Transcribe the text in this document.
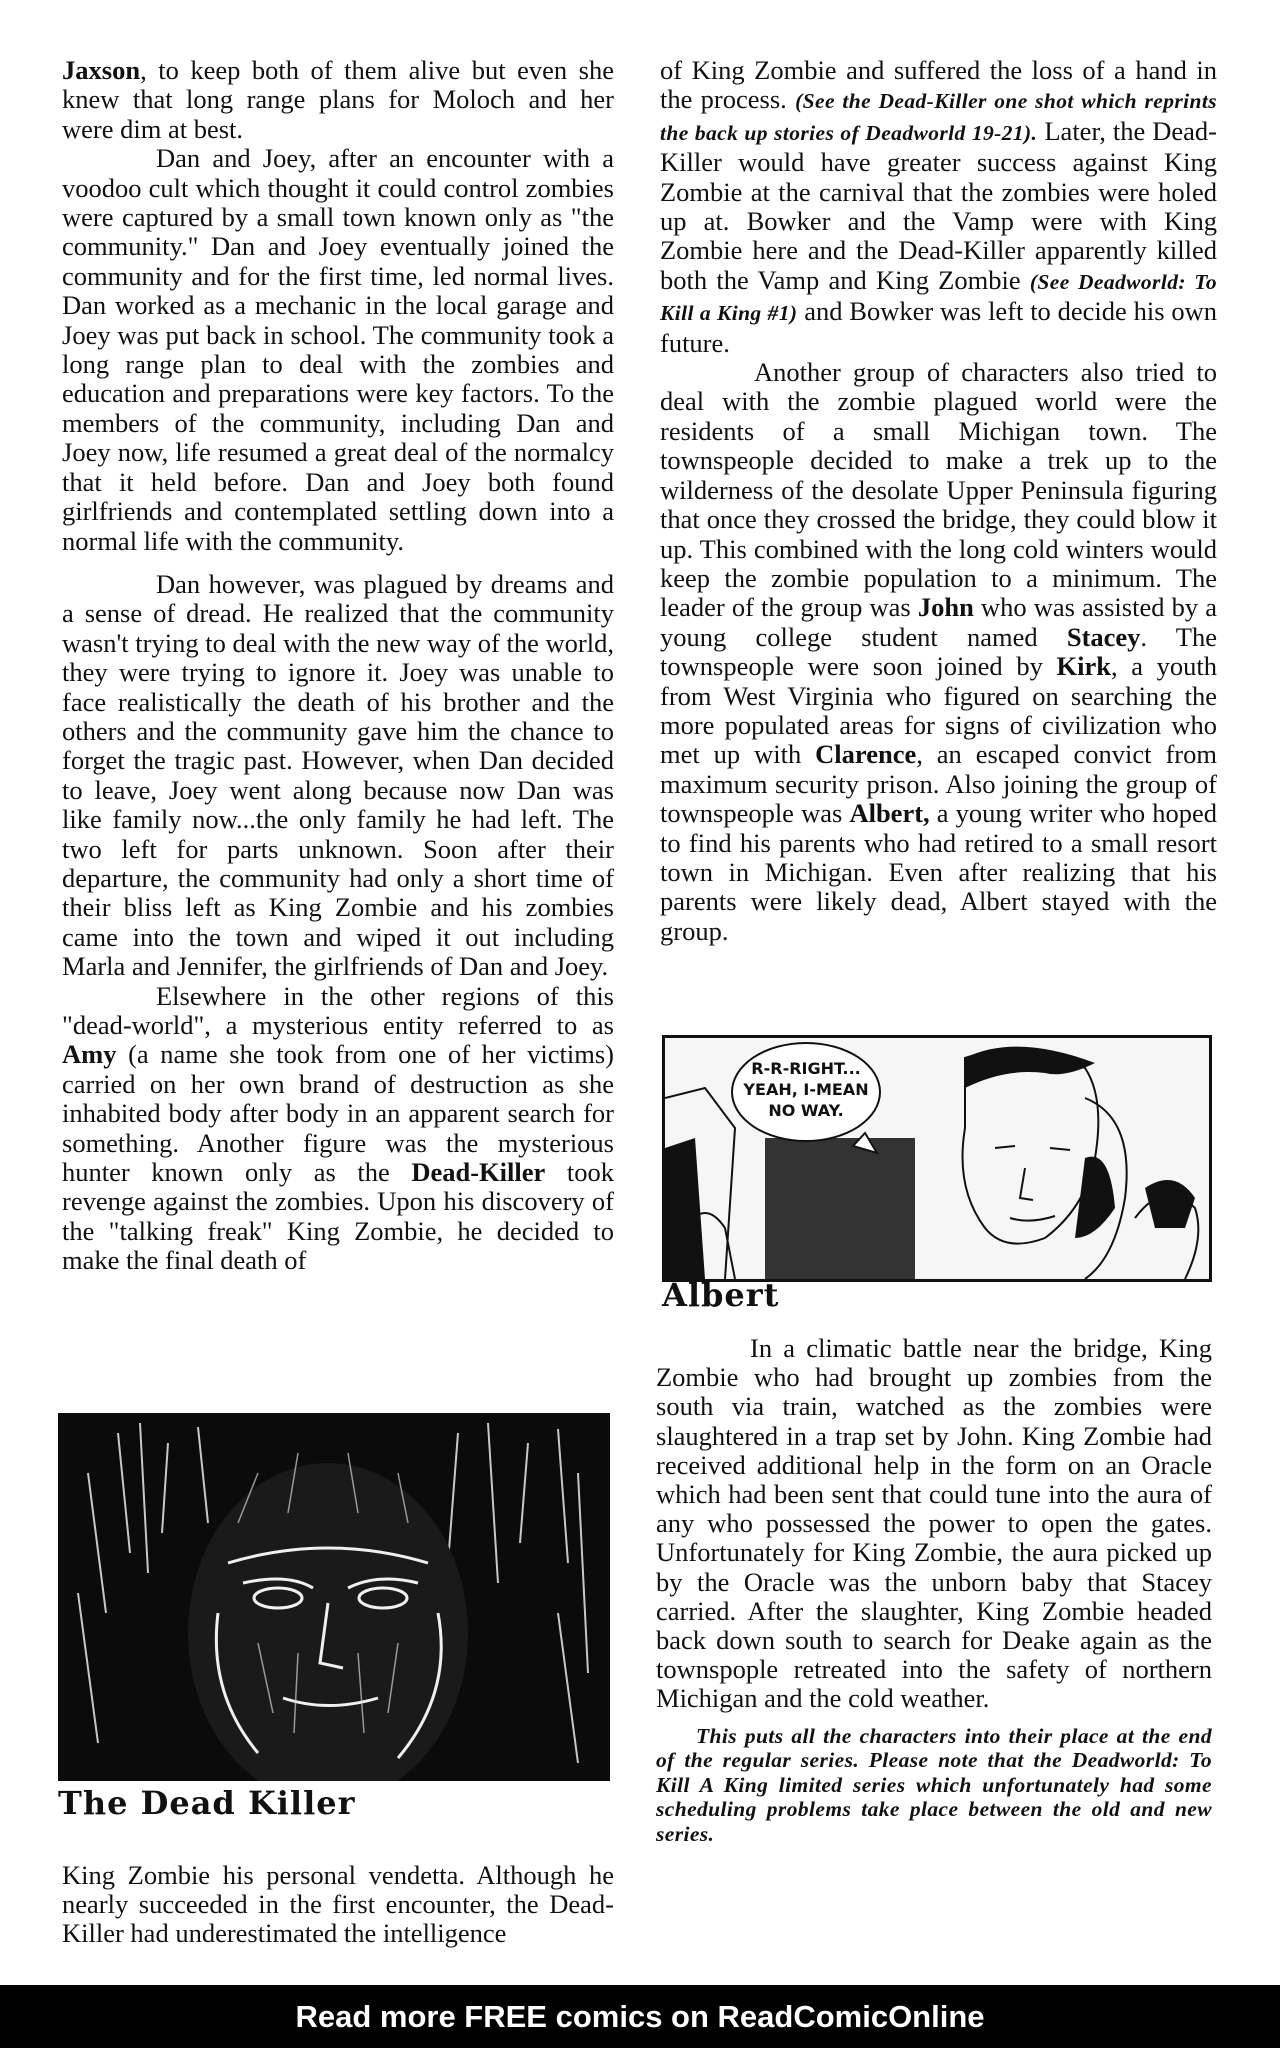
Jaxson, to keep both of them alive but even she knew that long range plans for Moloch and her were dim at best.

Dan and Joey, after an encounter with a voodoo cult which thought it could control zombies were captured by a small town known only as "the community." Dan and Joey eventually joined the community and for the first time, led normal lives. Dan worked as a mechanic in the local garage and Joey was put back in school. The community took a long range plan to deal with the zombies and education and preparations were key factors. To the members of the community, including Dan and Joey now, life resumed a great deal of the normalcy that it held before. Dan and Joey both found girlfriends and contemplated settling down into a normal life with the community.

Dan however, was plagued by dreams and a sense of dread. He realized that the community wasn't trying to deal with the new way of the world, they were trying to ignore it. Joey was unable to face realistically the death of his brother and the others and the community gave him the chance to forget the tragic past. However, when Dan decided to leave, Joey went along because now Dan was like family now...the only family he had left. The two left for parts unknown. Soon after their departure, the community had only a short time of their bliss left as King Zombie and his zombies came into the town and wiped it out including Marla and Jennifer, the girlfriends of Dan and Joey.

Elsewhere in the other regions of this "dead-world", a mysterious entity referred to as Amy (a name she took from one of her victims) carried on her own brand of destruction as she inhabited body after body in an apparent search for something. Another figure was the mysterious hunter known only as the Dead-Killer took revenge against the zombies. Upon his discovery of the "talking freak" King Zombie, he decided to make the final death of

The Dead Killer

King Zombie his personal vendetta. Although he nearly succeeded in the first encounter, the Dead-Killer had underestimated the intelligence

of King Zombie and suffered the loss of a hand in the process. (See the Dead-Killer one shot which reprints the back up stories of Deadworld 19-21). Later, the Dead-Killer would have greater success against King Zombie at the carnival that the zombies were holed up at. Bowker and the Vamp were with King Zombie here and the Dead-Killer apparently killed both the Vamp and King Zombie (See Deadworld: To Kill a King #1) and Bowker was left to decide his own future.

Another group of characters also tried to deal with the zombie plagued world were the residents of a small Michigan town. The townspeople decided to make a trek up to the wilderness of the desolate Upper Peninsula figuring that once they crossed the bridge, they could blow it up. This combined with the long cold winters would keep the zombie population to a minimum. The leader of the group was John who was assisted by a young college student named Stacey. The townspeople were soon joined by Kirk, a youth from West Virginia who figured on searching the more populated areas for signs of civilization who met up with Clarence, an escaped convict from maximum security prison. Also joining the group of townspeople was Albert, a young writer who hoped to find his parents who had retired to a small resort town in Michigan. Even after realizing that his parents were likely dead, Albert stayed with the group.

R-R-RIGHT...
YEAH, I-MEAN
NO WAY.
Albert

In a climatic battle near the bridge, King Zombie who had brought up zombies from the south via train, watched as the zombies were slaughtered in a trap set by John. King Zombie had received additional help in the form on an Oracle which had been sent that could tune into the aura of any who possessed the power to open the gates. Unfortunately for King Zombie, the aura picked up by the Oracle was the unborn baby that Stacey carried. After the slaughter, King Zombie headed back down south to search for Deake again as the townspople retreated into the safety of northern Michigan and the cold weather.

This puts all the characters into their place at the end of the regular series. Please note that the Deadworld: To Kill A King limited series which unfortunately had some scheduling problems take place between the old and new series.

Read more FREE comics on ReadComicOnline
